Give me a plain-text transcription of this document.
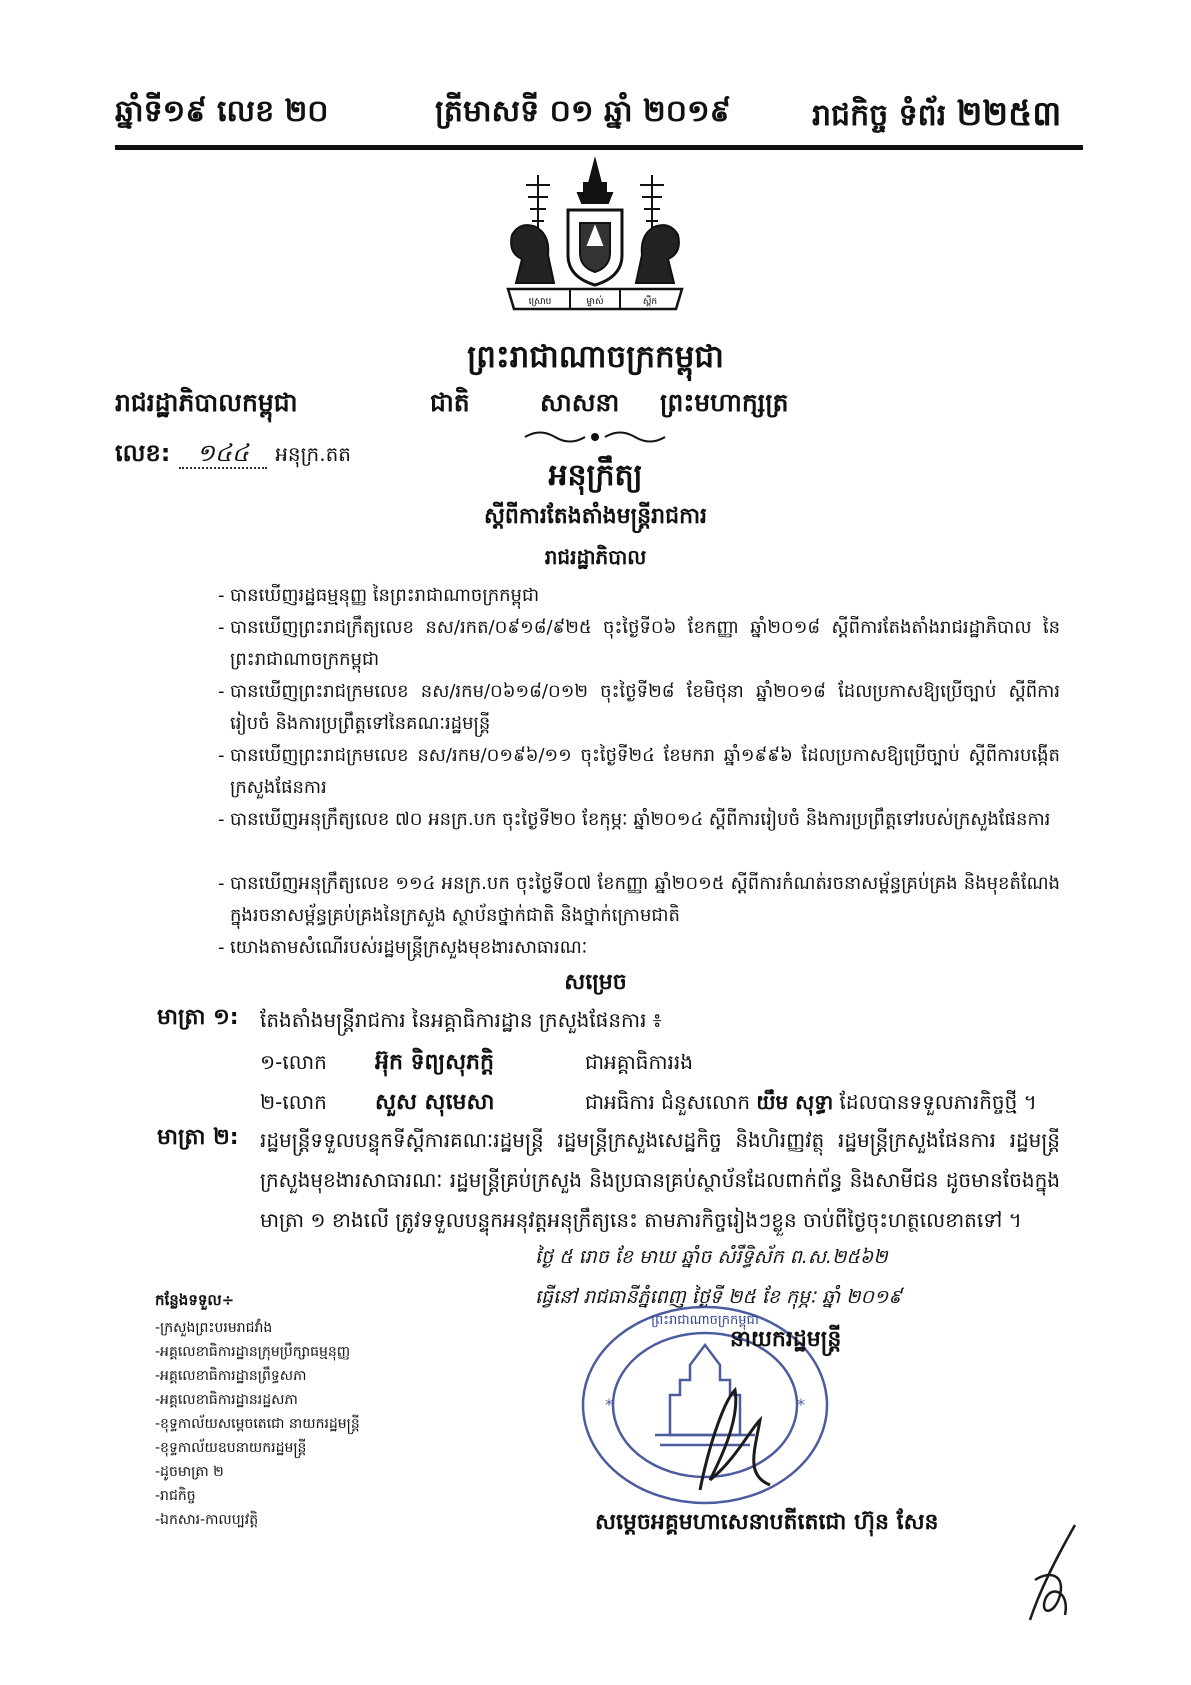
ឆ្នាំទី១៩ លេខ ២០	ត្រីមាសទី ០១ ឆ្នាំ ២០១៩	រាជកិច្ច ទំព័រ ២២៥៣
ស្រោប	ម្ចាស់	ស្ពឹក
ព្រះរាជាណាចក្រកម្ពុជា
រាជរដ្ឋាភិបាលកម្ពុជា	ជាតិ	សាសនា ព្រះមហាក្សត្រ
លេខ: ១៤៤ អនុក្រ.តត
អនុក្រឹត្យ
ស្ដីពីការតែងតាំងមន្ត្រីរាជការ
រាជរដ្ឋាភិបាល
- បានឃើញរដ្ឋធម្មនុញ្ញ នៃព្រះរាជាណាចក្រកម្ពុជា
- បានឃើញព្រះរាជក្រឹត្យលេខ នស/រកត/០៩១៨/៩២៥ ចុះថ្ងៃទី០៦ ខែកញ្ញា ឆ្នាំ២០១៨ ស្ដីពីការតែងតាំងរាជរដ្ឋាភិបាល នៃព្រះរាជាណាចក្រកម្ពុជា
- បានឃើញព្រះរាជក្រមលេខ នស/រកម/០៦១៨/០១២ ចុះថ្ងៃទី២៨ ខែមិថុនា ឆ្នាំ២០១៨ ដែលប្រកាសឱ្យប្រើច្បាប់ ស្ដីពីការរៀបចំ និងការប្រព្រឹត្តទៅនៃគណៈរដ្ឋមន្ត្រី
- បានឃើញព្រះរាជក្រមលេខ នស/រកម/០១៩៦/១១ ចុះថ្ងៃទី២៤ ខែមករា ឆ្នាំ១៩៩៦ ដែលប្រកាសឱ្យប្រើច្បាប់ ស្ដីពីការបង្កើតក្រសួងផែនការ
- បានឃើញអនុក្រឹត្យលេខ ៧០ អនក្រ.បក ចុះថ្ងៃទី២០ ខែកុម្ភៈ ឆ្នាំ២០១៤ ស្ដីពីការរៀបចំ និងការប្រព្រឹត្តទៅរបស់ក្រសួងផែនការ
- បានឃើញអនុក្រឹត្យលេខ ១១៤ អនក្រ.បក ចុះថ្ងៃទី០៧ ខែកញ្ញា ឆ្នាំ២០១៥ ស្ដីពីការកំណត់រចនាសម្ព័ន្ធគ្រប់គ្រង និងមុខតំណែងក្នុងរចនាសម្ព័ន្ធគ្រប់គ្រងនៃក្រសួង ស្ថាប័នថ្នាក់ជាតិ និងថ្នាក់ក្រោមជាតិ
- យោងតាមសំណើរបស់រដ្ឋមន្ត្រីក្រសួងមុខងារសាធារណៈ
សម្រេច
មាត្រា ១: តែងតាំងមន្ត្រីរាជការ នៃអគ្គាធិការដ្ឋាន ក្រសួងផែនការ ៖
១-លោក អ៊ុក ទិព្យសុភក្តិ	ជាអគ្គាធិការរង
២-លោក សួស សុមេសា	ជាអធិការ ជំនួសលោក យឹម សុទ្ធា ដែលបានទទួលភារកិច្ចថ្មី ។
មាត្រា ២: រដ្ឋមន្ត្រីទទួលបន្ទុកទីស្តីការគណៈរដ្ឋមន្ត្រី រដ្ឋមន្ត្រីក្រសួងសេដ្ឋកិច្ច និងហិរញ្ញវត្ថុ រដ្ឋមន្ត្រីក្រសួងផែនការ រដ្ឋមន្ត្រីក្រសួងមុខងារសាធារណៈ រដ្ឋមន្ត្រីគ្រប់ក្រសួង និងប្រធានគ្រប់ស្ថាប័នដែលពាក់ព័ន្ធ និងសាមីជន ដូចមានចែងក្នុងមាត្រា ១ ខាងលើ ត្រូវទទួលបន្ទុកអនុវត្តអនុក្រឹត្យនេះ តាមភារកិច្ចរៀងៗខ្លួន ចាប់ពីថ្ងៃចុះហត្ថលេខាតទៅ ។
ថ្ងៃ ៥ រោច ខែ មាឃ ឆ្នាំច សំរឹទ្ធិស័ក ព.ស.២៥៦២
ធ្វើនៅ រាជធានីភ្នំពេញ ថ្ងៃទី ២៥ ខែ កុម្ភៈ ឆ្នាំ ២០១៩
*	*
ព្រះរាជាណាចក្រកម្ពុជា
នាយករដ្ឋមន្ត្រី
សម្ដេចអគ្គមហាសេនាបតីតេជោ ហ៊ុន សែន
កន្លែងទទួល÷
-ក្រសួងព្រះបរមរាជវាំង
-អគ្គលេខាធិការដ្ឋានក្រុមប្រឹក្សាធម្មនុញ្ញ
-អគ្គលេខាធិការដ្ឋានព្រឹទ្ធសភា
-អគ្គលេខាធិការដ្ឋានរដ្ឋសភា
-ខុទ្ទកាល័យសម្ដេចតេជោ នាយករដ្ឋមន្ត្រី
-ខុទ្ទកាល័យឧបនាយករដ្ឋមន្ត្រី
-ដូចមាត្រា ២
-រាជកិច្ច
-ឯកសារ-កាលប្បវត្តិ
